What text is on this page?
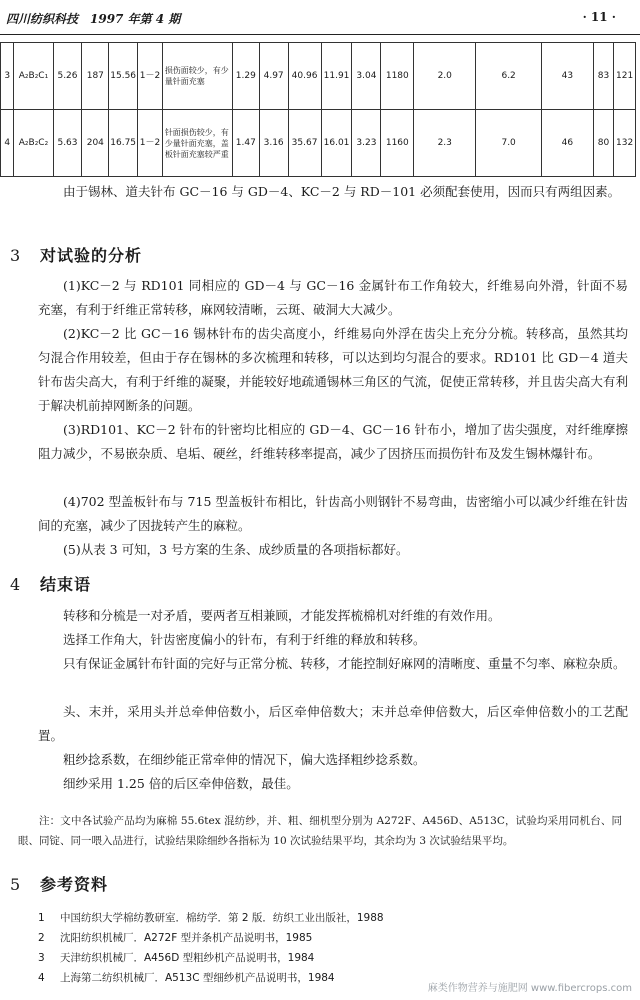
四川纺织科技　1997 年第 4 期	· 11 ·
3	A₂B₂C₁	5.26	187	15.56	1－2	损伤面较少，有少量针面充塞	1.29	4.97	40.96	11.91	3.04	1180	2.0	6.2	43	83	121
4	A₂B₂C₂	5.63	204	16.75	1－2	针面损伤较少，有少量针面充塞，盖板针面充塞较严重	1.47	3.16	35.67	16.01	3.23	1160	2.3	7.0	46	80	132

由于锡林、道夫针布 GC－16 与 GD－4、KC－2 与 RD－101 必须配套使用，因而只有两组因素。

3 对试验的分析

(1)KC－2 与 RD101 同相应的 GD－4 与 GC－16 金属针布工作角较大，纤维易向外滑，针面不易充塞，有利于纤维正常转移，麻网较清晰，云斑、破洞大大减少。

(2)KC－2 比 GC－16 锡林针布的齿尖高度小，纤维易向外浮在齿尖上充分分梳。转移高，虽然其均匀混合作用较差，但由于存在锡林的多次梳理和转移，可以达到均匀混合的要求。RD101 比 GD－4 道夫针布齿尖高大，有利于纤维的凝聚，并能较好地疏通锡林三角区的气流，促使正常转移，并且齿尖高大有利于解决机前掉网断条的问题。

(3)RD101、KC－2 针布的针密均比相应的 GD－4、GC－16 针布小，增加了齿尖强度，对纤维摩擦阻力减少，不易嵌杂质、皂垢、硬丝，纤维转移率提高，减少了因挤压而损伤针布及发生锡林爆针布。

(4)702 型盖板针布与 715 型盖板针布相比，针齿高小则钢针不易弯曲，齿密缩小可以减少纤维在针齿间的充塞，减少了因拢转产生的麻粒。

(5)从表 3 可知，3 号方案的生条、成纱质量的各项指标都好。

4 结束语

转移和分梳是一对矛盾，要两者互相兼顾，才能发挥梳棉机对纤维的有效作用。

选择工作角大，针齿密度偏小的针布，有利于纤维的释放和转移。

只有保证金属针布针面的完好与正常分梳、转移，才能控制好麻网的清晰度、重量不匀率、麻粒杂质。

头、末并，采用头并总牵伸倍数小，后区牵伸倍数大；末并总牵伸倍数大，后区牵伸倍数小的工艺配置。

粗纱捻系数，在细纱能正常牵伸的情况下，偏大选择粗纱捻系数。

细纱采用 1.25 倍的后区牵伸倍数，最佳。

注：文中各试验产品均为麻棉 55.6tex 混纺纱，并、粗、细机型分别为 A272F、A456D、A513C，试验均采用同机台、同眼、同锭、同一喂入品进行，试验结果除细纱各指标为 10 次试验结果平均，其余均为 3 次试验结果平均。

5 参考资料
1 中国纺织大学棉纺教研室．棉纺学．第 2 版．纺织工业出版社，1988
2 沈阳纺织机械厂．A272F 型并条机产品说明书，1985
3 天津纺织机械厂．A456D 型粗纱机产品说明书，1984
4 上海第二纺织机械厂．A513C 型细纱机产品说明书，1984
麻类作物营养与施肥网 www.fibercrops.com
